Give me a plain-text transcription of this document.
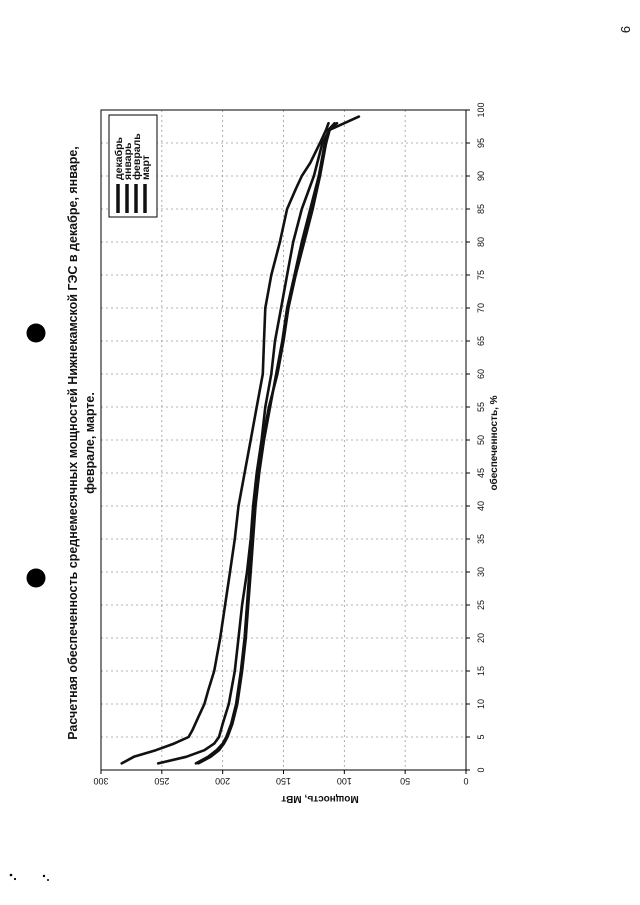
9
0
5
10
15
20
25
30
35
40
45
50
55
60
65
70
75
80
85
90
95
100
0
50
100
150
200
250
300
Расчетная обеспеченность среднемесячных мощностей Нижнекамской ГЭС в декабре, январе, феврале, марте.
Мощность, МВт
обеспеченность, %
декабрь
январь
февраль
март
